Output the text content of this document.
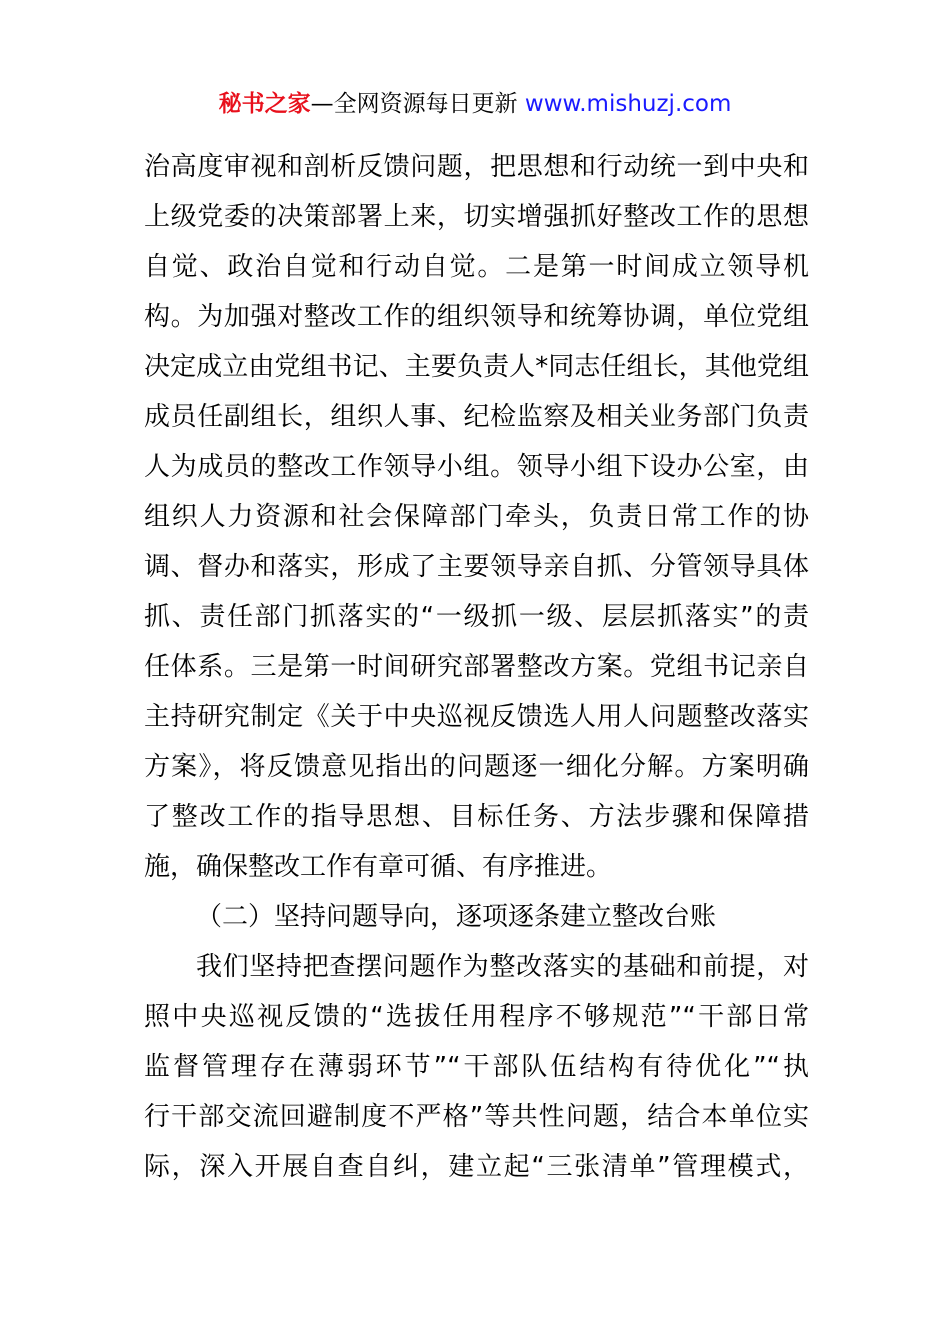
秘书之家—全网资源每日更新 www.mishuzj.com
治高度审视和剖析反馈问题，把思想和行动统一到中央和
上级党委的决策部署上来，切实增强抓好整改工作的思想
自觉、政治自觉和行动自觉。二是第一时间成立领导机
构。为加强对整改工作的组织领导和统筹协调，单位党组
决定成立由党组书记、主要负责人*同志任组长，其他党组
成员任副组长，组织人事、纪检监察及相关业务部门负责
人为成员的整改工作领导小组。领导小组下设办公室，由
组织人力资源和社会保障部门牵头，负责日常工作的协
调、督办和落实，形成了主要领导亲自抓、分管领导具体
抓、责任部门抓落实的“一级抓一级、层层抓落实”的责
任体系。三是第一时间研究部署整改方案。党组书记亲自
主持研究制定《关于中央巡视反馈选人用人问题整改落实
方案》，将反馈意见指出的问题逐一细化分解。方案明确
了整改工作的指导思想、目标任务、方法步骤和保障措
施，确保整改工作有章可循、有序推进。
（二）坚持问题导向，逐项逐条建立整改台账
我们坚持把查摆问题作为整改落实的基础和前提，对
照中央巡视反馈的“选拔任用程序不够规范”“干部日常
监督管理存在薄弱环节”“干部队伍结构有待优化”“执
行干部交流回避制度不严格”等共性问题，结合本单位实
际，深入开展自查自纠，建立起“三张清单”管理模式，
